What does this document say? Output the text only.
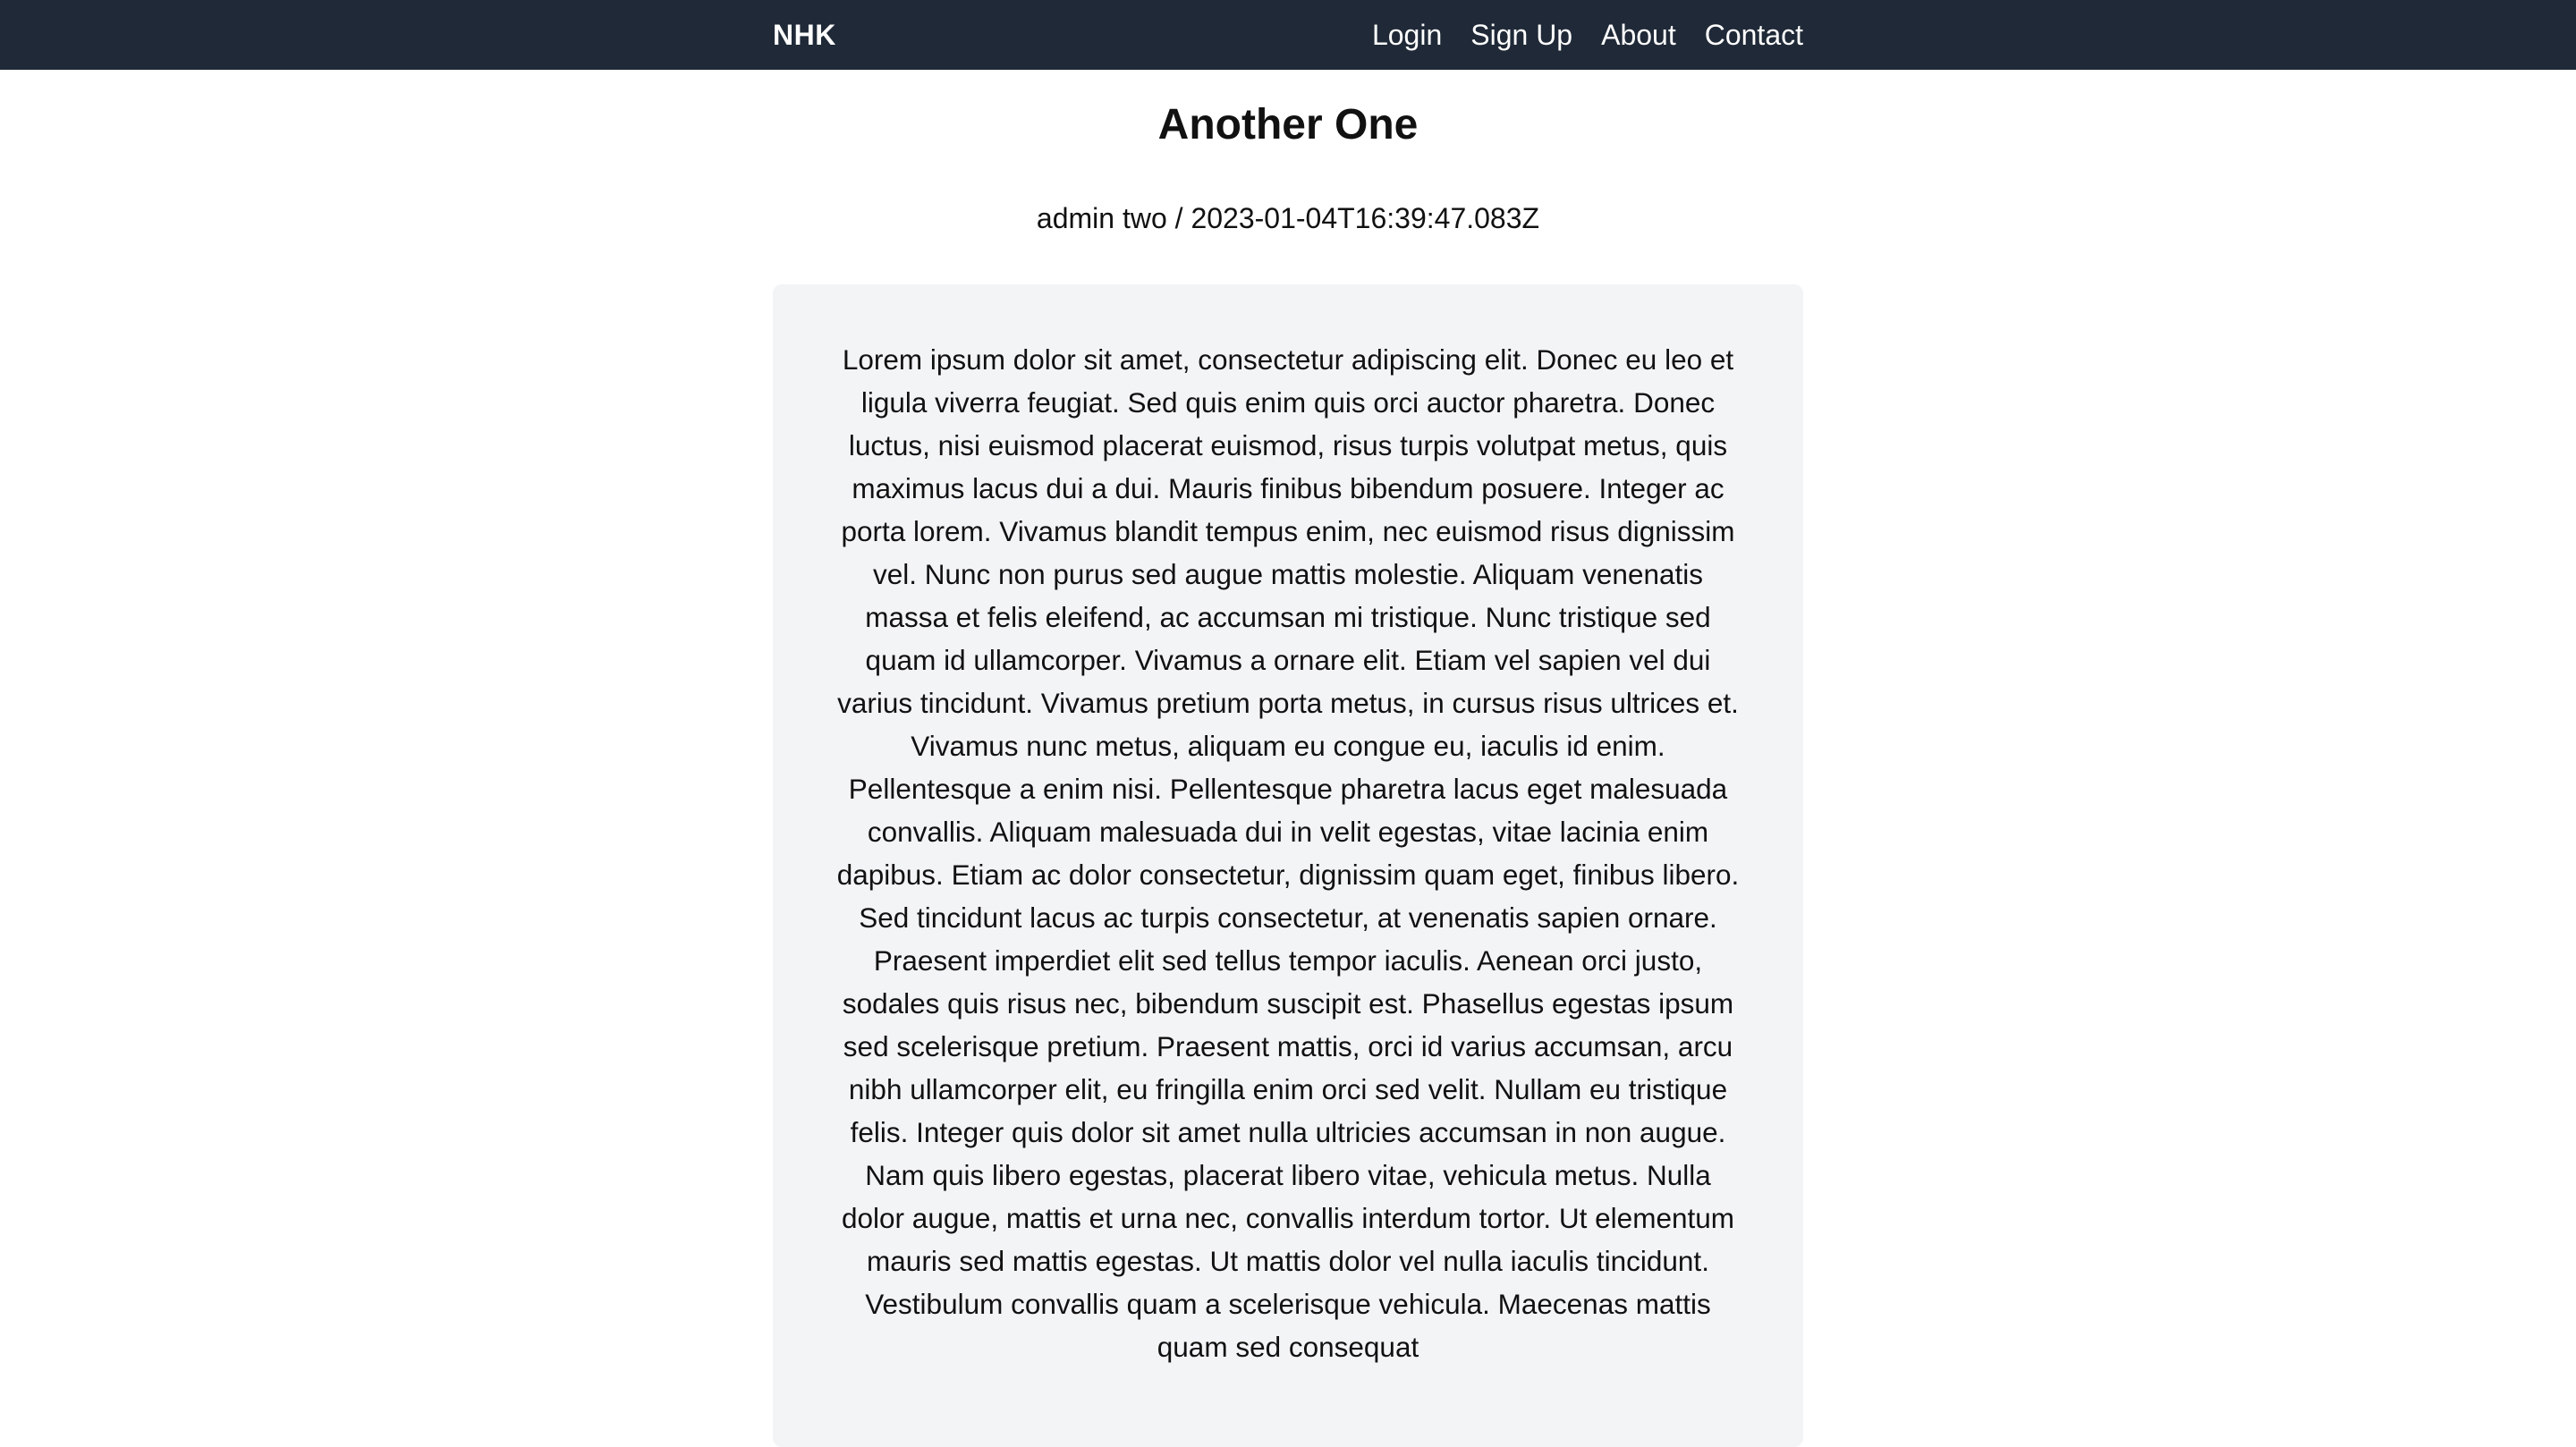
NHK	Login Sign Up About Contact
Another One
admin two / 2023-01-04T16:39:47.083Z

Lorem ipsum dolor sit amet, consectetur adipiscing elit. Donec eu leo et ligula viverra feugiat. Sed quis enim quis orci auctor pharetra. Donec luctus, nisi euismod placerat euismod, risus turpis volutpat metus, quis maximus lacus dui a dui. Mauris finibus bibendum posuere. Integer ac porta lorem. Vivamus blandit tempus enim, nec euismod risus dignissim vel. Nunc non purus sed augue mattis molestie. Aliquam venenatis massa et felis eleifend, ac accumsan mi tristique. Nunc tristique sed quam id ullamcorper. Vivamus a ornare elit. Etiam vel sapien vel dui varius tincidunt. Vivamus pretium porta metus, in cursus risus ultrices et. Vivamus nunc metus, aliquam eu congue eu, iaculis id enim. Pellentesque a enim nisi. Pellentesque pharetra lacus eget malesuada convallis. Aliquam malesuada dui in velit egestas, vitae lacinia enim dapibus. Etiam ac dolor consectetur, dignissim quam eget, finibus libero. Sed tincidunt lacus ac turpis consectetur, at venenatis sapien ornare. Praesent imperdiet elit sed tellus tempor iaculis. Aenean orci justo, sodales quis risus nec, bibendum suscipit est. Phasellus egestas ipsum sed scelerisque pretium. Praesent mattis, orci id varius accumsan, arcu nibh ullamcorper elit, eu fringilla enim orci sed velit. Nullam eu tristique felis. Integer quis dolor sit amet nulla ultricies accumsan in non augue. Nam quis libero egestas, placerat libero vitae, vehicula metus. Nulla dolor augue, mattis et urna nec, convallis interdum tortor. Ut elementum mauris sed mattis egestas. Ut mattis dolor vel nulla iaculis tincidunt. Vestibulum convallis quam a scelerisque vehicula. Maecenas mattis quam sed consequat
